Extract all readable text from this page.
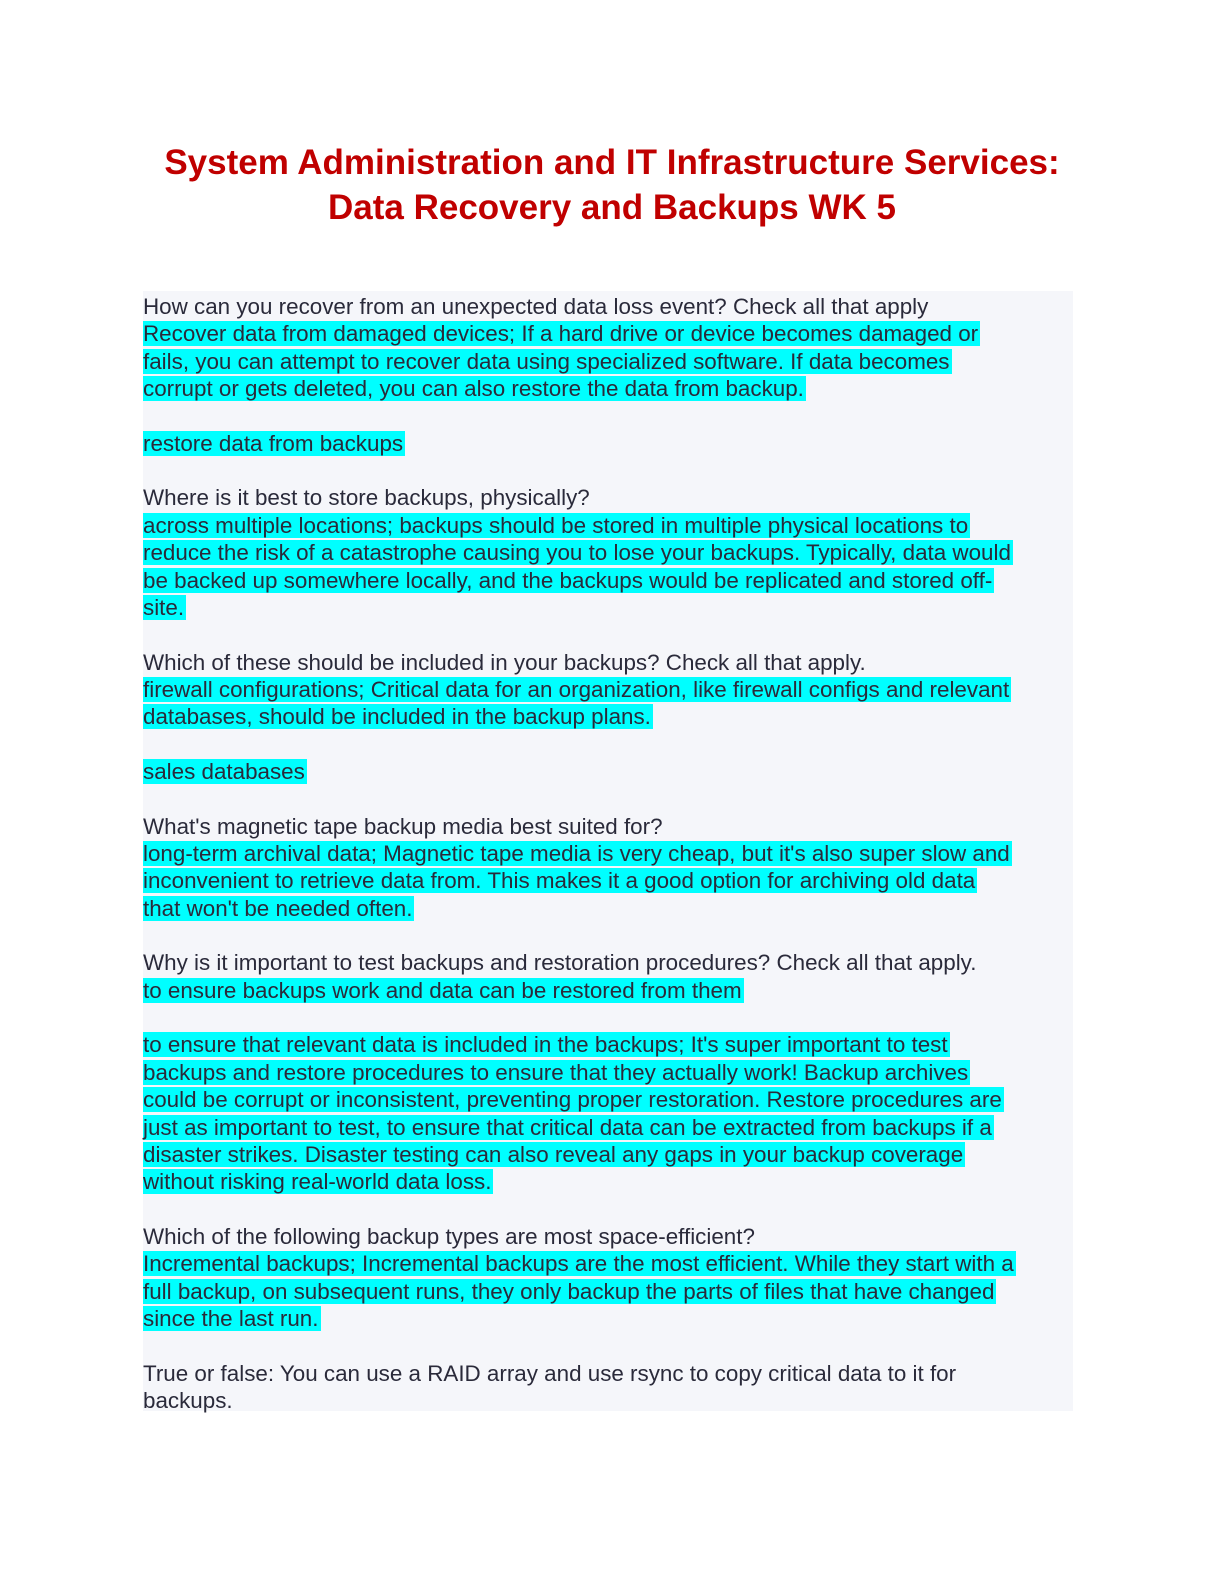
System Administration and IT Infrastructure Services:
Data Recovery and Backups WK 5
How can you recover from an unexpected data loss event? Check all that apply
Recover data from damaged devices; If a hard drive or device becomes damaged or
fails, you can attempt to recover data using specialized software. If data becomes
corrupt or gets deleted, you can also restore the data from backup.
restore data from backups
Where is it best to store backups, physically?
across multiple locations; backups should be stored in multiple physical locations to
reduce the risk of a catastrophe causing you to lose your backups. Typically, data would
be backed up somewhere locally, and the backups would be replicated and stored off-
site.
Which of these should be included in your backups? Check all that apply.
firewall configurations; Critical data for an organization, like firewall configs and relevant
databases, should be included in the backup plans.
sales databases
What's magnetic tape backup media best suited for?
long-term archival data; Magnetic tape media is very cheap, but it's also super slow and
inconvenient to retrieve data from. This makes it a good option for archiving old data
that won't be needed often.
Why is it important to test backups and restoration procedures? Check all that apply.
to ensure backups work and data can be restored from them
to ensure that relevant data is included in the backups; It's super important to test
backups and restore procedures to ensure that they actually work! Backup archives
could be corrupt or inconsistent, preventing proper restoration. Restore procedures are
just as important to test, to ensure that critical data can be extracted from backups if a
disaster strikes. Disaster testing can also reveal any gaps in your backup coverage
without risking real-world data loss.
Which of the following backup types are most space-efficient?
Incremental backups; Incremental backups are the most efficient. While they start with a
full backup, on subsequent runs, they only backup the parts of files that have changed
since the last run.
True or false: You can use a RAID array and use rsync to copy critical data to it for
backups.
